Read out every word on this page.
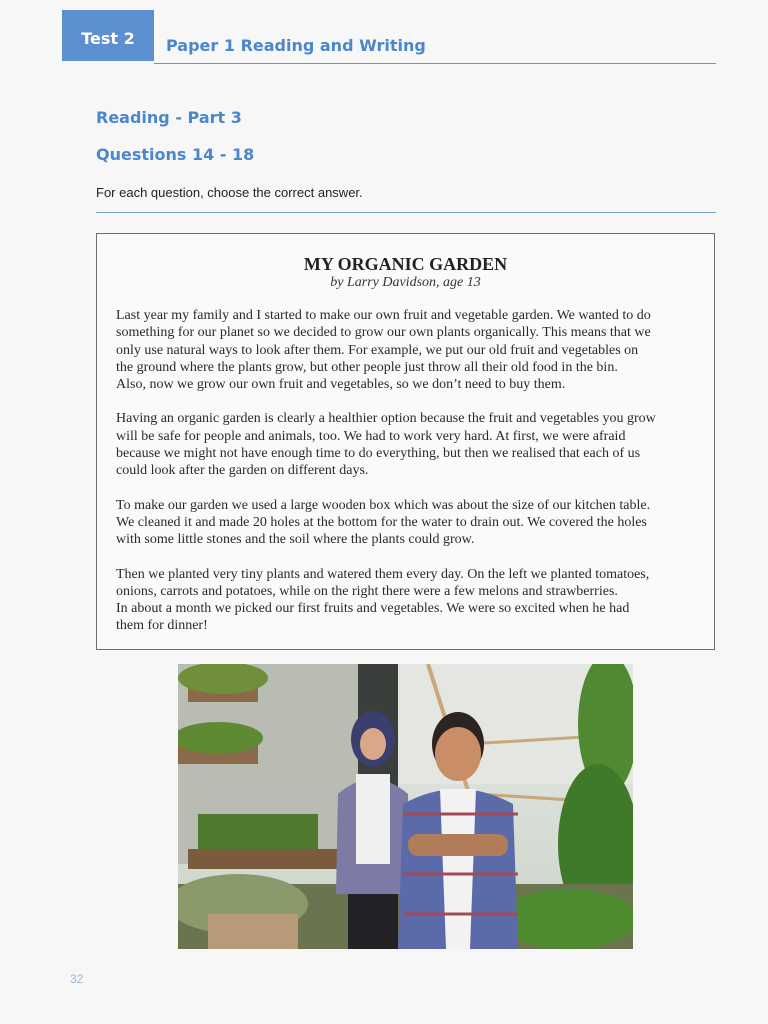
Test 2	Paper 1 Reading and Writing
Reading - Part 3
Questions 14 - 18
For each question, choose the correct answer.
MY ORGANIC GARDEN
by Larry Davidson, age 13

Last year my family and I started to make our own fruit and vegetable garden. We wanted to do
something for our planet so we decided to grow our own plants organically. This means that we
only use natural ways to look after them. For example, we put our old fruit and vegetables on
the ground where the plants grow, but other people just throw all their old food in the bin.
Also, now we grow our own fruit and vegetables, so we don’t need to buy them.

Having an organic garden is clearly a healthier option because the fruit and vegetables you grow
will be safe for people and animals, too. We had to work very hard. At first, we were afraid
because we might not have enough time to do everything, but then we realised that each of us
could look after the garden on different days.

To make our garden we used a large wooden box which was about the size of our kitchen table.
We cleaned it and made 20 holes at the bottom for the water to drain out. We covered the holes
with some little stones and the soil where the plants could grow.

Then we planted very tiny plants and watered them every day. On the left we planted tomatoes,
onions, carrots and potatoes, while on the right there were a few melons and strawberries.
In about a month we picked our first fruits and vegetables. We were so excited when he had
them for dinner!

32
